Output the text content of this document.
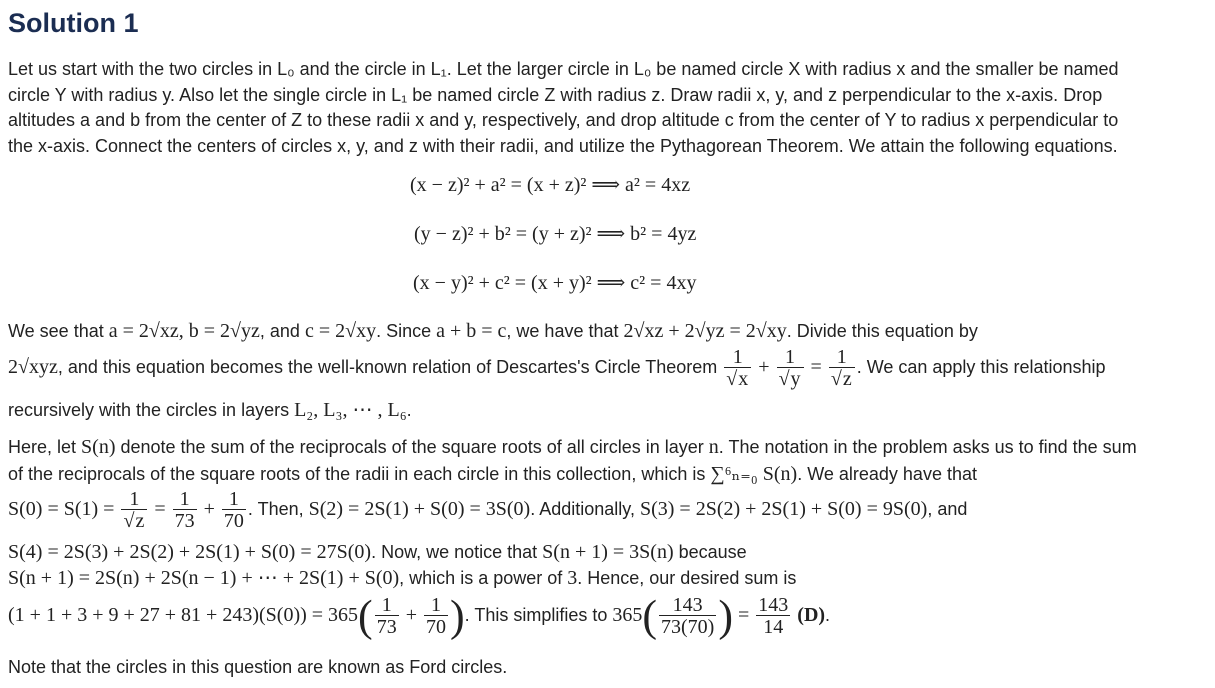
Solution 1
Let us start with the two circles in L₀ and the circle in L₁. Let the larger circle in L₀ be named circle X with radius x and the smaller be named
circle Y with radius y. Also let the single circle in L₁ be named circle Z with radius z. Draw radii x, y, and z perpendicular to the x-axis. Drop
altitudes a and b from the center of Z to these radii x and y, respectively, and drop altitude c from the center of Y to radius x perpendicular to
the x-axis. Connect the centers of circles x, y, and z with their radii, and utilize the Pythagorean Theorem. We attain the following equations.
(x − z)² + a² = (x + z)² ⟹ a² = 4xz
(y − z)² + b² = (y + z)² ⟹ b² = 4yz
(x − y)² + c² = (x + y)² ⟹ c² = 4xy
We see that a = 2√xz, b = 2√yz, and c = 2√xy. Since a + b = c, we have that 2√xz + 2√yz = 2√xy. Divide this equation by
2√xyz, and this equation becomes the well-known relation of Descartes's Circle Theorem $\frac{1}{√x} + \frac{1}{√y} = \frac{1}{√z}$ . We can apply this relationship
recursively with the circles in layers L₂, L₃, ⋯ , L₆.
Here, let S(n) denote the sum of the reciprocals of the square roots of all circles in layer n. The notation in the problem asks us to find the sum
of the reciprocals of the square roots of the radii in each circle in this collection, which is ∑⁶ₙ₌₀ S(n). We already have that
$S(0) = S(1) = \frac{1}{√z} = \frac{1}{73} + \frac{1}{70}$ . Then, S(2) = 2S(1) + S(0) = 3S(0). Additionally, S(3) = 2S(2) + 2S(1) + S(0) = 9S(0), and
S(4) = 2S(3) + 2S(2) + 2S(1) + S(0) = 27S(0). Now, we notice that S(n + 1) = 3S(n) because
S(n + 1) = 2S(n) + 2S(n − 1) + ⋯ + 2S(1) + S(0), which is a power of 3. Hence, our desired sum is
$(1 + 1 + 3 + 9 + 27 + 81 + 243)(S(0)) = 365( \frac{1}{73} + \frac{1}{70}$ ). This simplifies to $365( \frac{143}{73(70)}$ ) = $\frac{143}{14} (D)$.
Note that the circles in this question are known as Ford circles.
